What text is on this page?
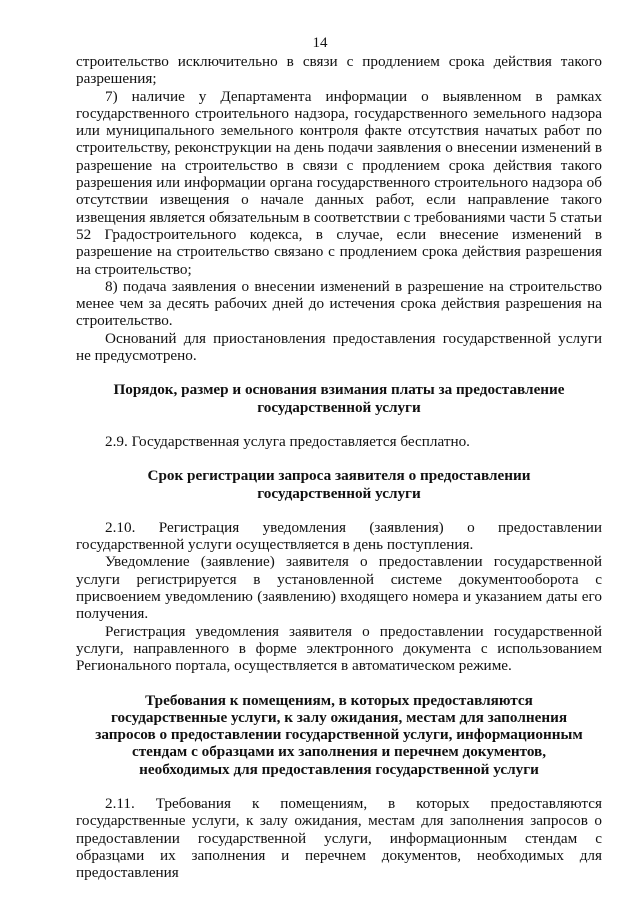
14

строительство исключительно в связи с продлением срока действия такого разрешения;

7) наличие у Департамента информации о выявленном в рамках государственного строительного надзора, государственного земельного надзора или муниципального земельного контроля факте отсутствия начатых работ по строительству, реконструкции на день подачи заявления о внесении изменений в разрешение на строительство в связи с продлением срока действия такого разрешения или информации органа государственного строительного надзора об отсутствии извещения о начале данных работ, если направление такого извещения является обязательным в соответствии с требованиями части 5 статьи 52 Градостроительного кодекса, в случае, если внесение изменений в разрешение на строительство связано с продлением срока действия разрешения на строительство;

8) подача заявления о внесении изменений в разрешение на строительство менее чем за десять рабочих дней до истечения срока действия разрешения на строительство.

Оснований для приостановления предоставления государственной услуги не предусмотрено.

Порядок, размер и основания взимания платы за предоставление государственной услуги

2.9. Государственная услуга предоставляется бесплатно.

Срок регистрации запроса заявителя о предоставлении государственной услуги

2.10. Регистрация уведомления (заявления) о предоставлении государственной услуги осуществляется в день поступления.

Уведомление (заявление) заявителя о предоставлении государственной услуги регистрируется в установленной системе документооборота с присвоением уведомлению (заявлению) входящего номера и указанием даты его получения.

Регистрация уведомления заявителя о предоставлении государственной услуги, направленного в форме электронного документа с использованием Регионального портала, осуществляется в автоматическом режиме.

Требования к помещениям, в которых предоставляются государственные услуги, к залу ожидания, местам для заполнения запросов о предоставлении государственной услуги, информационным стендам с образцами их заполнения и перечнем документов, необходимых для предоставления государственной услуги

2.11. Требования к помещениям, в которых предоставляются государственные услуги, к залу ожидания, местам для заполнения запросов о предоставлении государственной услуги, информационным стендам с образцами их заполнения и перечнем документов, необходимых для предоставления
